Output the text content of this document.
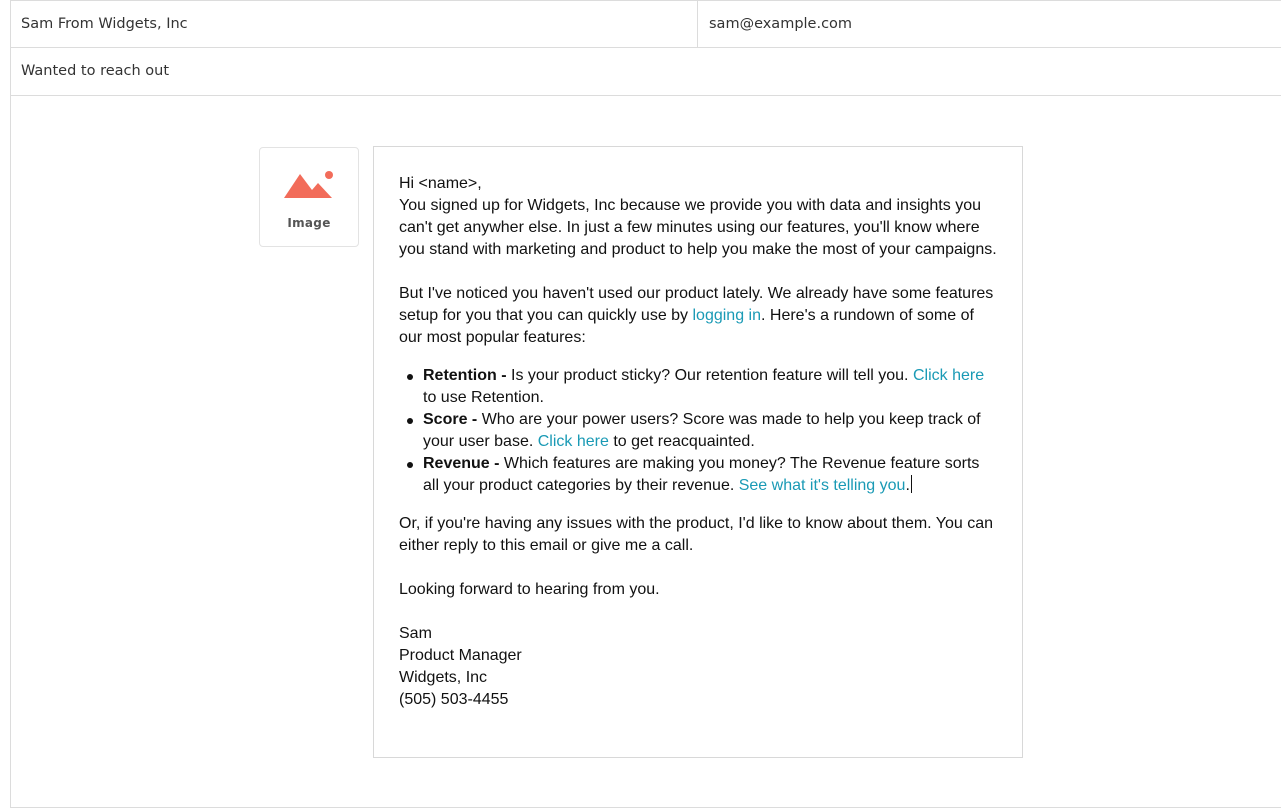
Sam From Widgets, Inc	sam@example.com
Wanted to reach out
Image

Hi <name>,

You signed up for Widgets, Inc because we provide you with data and insights you can't get anywher else. In just a few minutes using our features, you'll know where you stand with marketing and product to help you make the most of your campaigns.

But I've noticed you haven't used our product lately. We already have some features setup for you that you can quickly use by logging in. Here's a rundown of some of our most popular features:

Retention - Is your product sticky? Our retention feature will tell you. Click here to use Retention.
Score - Who are your power users? Score was made to help you keep track of your user base. Click here to get reacquainted.
Revenue - Which features are making you money? The Revenue feature sorts all your product categories by their revenue. See what it's telling you.

Or, if you're having any issues with the product, I'd like to know about them. You can either reply to this email or give me a call.

Looking forward to hearing from you.

Sam

Product Manager

Widgets, Inc

(505) 503-4455
